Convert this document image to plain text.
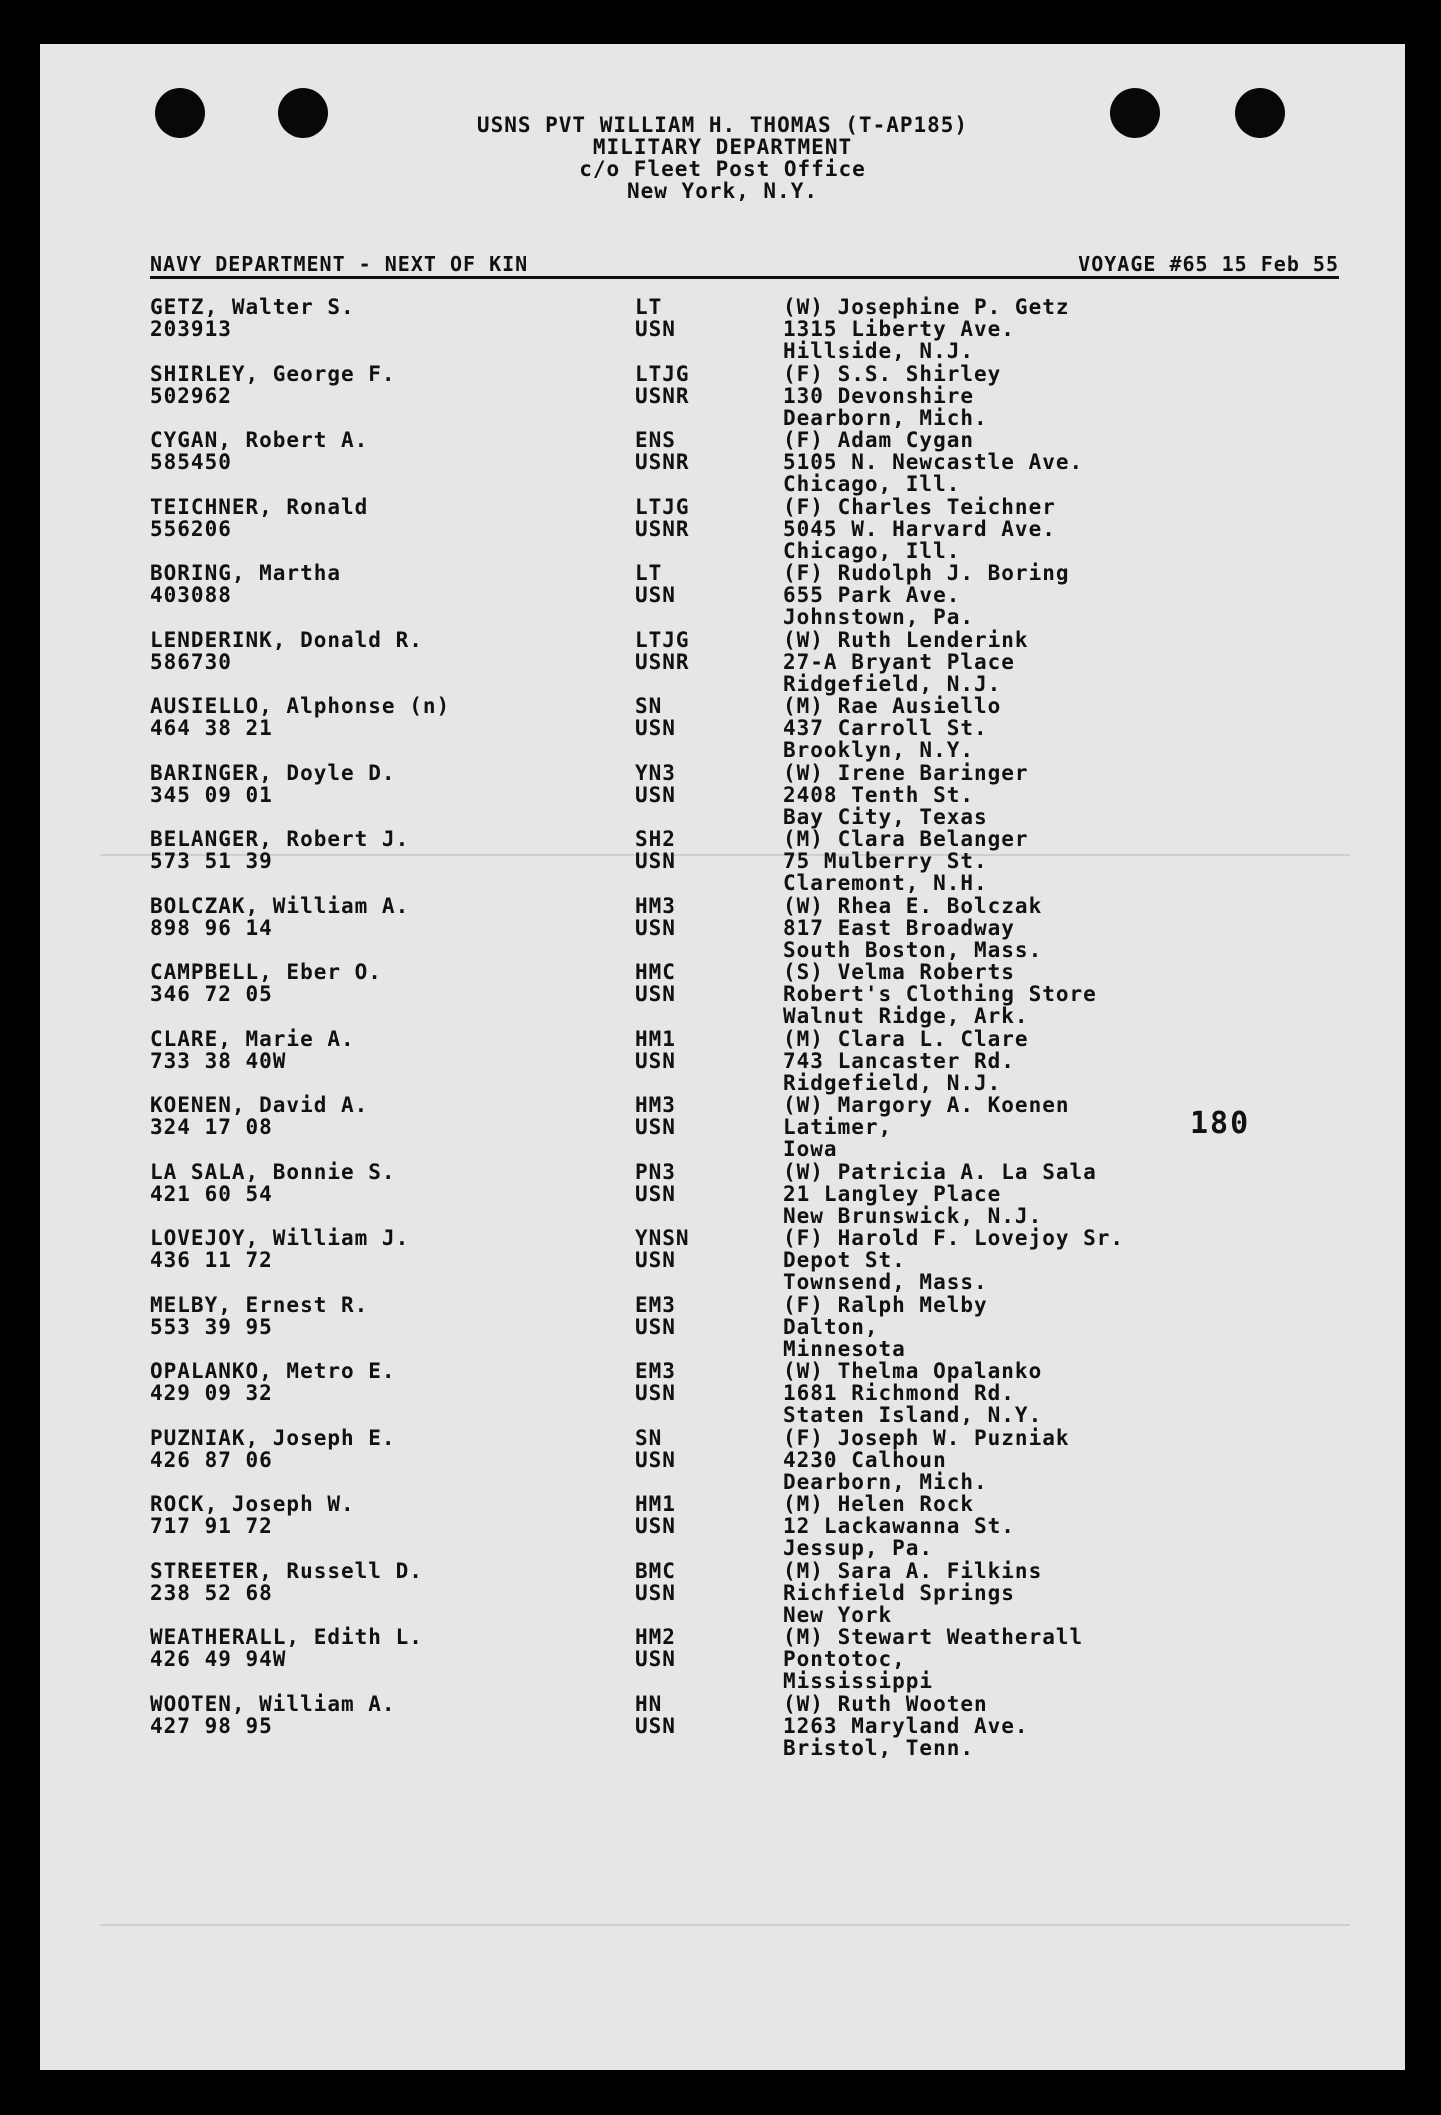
USNS PVT WILLIAM H. THOMAS (T-AP185)
MILITARY DEPARTMENT
c/o Fleet Post Office
New York, N.Y.
NAVY DEPARTMENT - NEXT OF KIN	VOYAGE #65 15 Feb 55
GETZ, Walter S.
203913
LT
USN
(W) Josephine P. Getz
1315 Liberty Ave.
Hillside, N.J.
SHIRLEY, George F.
502962
LTJG
USNR
(F) S.S. Shirley
130 Devonshire
Dearborn, Mich.
CYGAN, Robert A.
585450
ENS
USNR
(F) Adam Cygan
5105 N. Newcastle Ave.
Chicago, Ill.
TEICHNER, Ronald
556206
LTJG
USNR
(F) Charles Teichner
5045 W. Harvard Ave.
Chicago, Ill.
BORING, Martha
403088
LT
USN
(F) Rudolph J. Boring
655 Park Ave.
Johnstown, Pa.
LENDERINK, Donald R.
586730
LTJG
USNR
(W) Ruth Lenderink
27-A Bryant Place
Ridgefield, N.J.
AUSIELLO, Alphonse (n)
464 38 21
SN
USN
(M) Rae Ausiello
437 Carroll St.
Brooklyn, N.Y.
BARINGER, Doyle D.
345 09 01
YN3
USN
(W) Irene Baringer
2408 Tenth St.
Bay City, Texas
BELANGER, Robert J.
573 51 39
SH2
USN
(M) Clara Belanger
75 Mulberry St.
Claremont, N.H.
BOLCZAK, William A.
898 96 14
HM3
USN
(W) Rhea E. Bolczak
817 East Broadway
South Boston, Mass.
CAMPBELL, Eber O.
346 72 05
HMC
USN
(S) Velma Roberts
Robert's Clothing Store
Walnut Ridge, Ark.
CLARE, Marie A.
733 38 40W
HM1
USN
(M) Clara L. Clare
743 Lancaster Rd.
Ridgefield, N.J.
KOENEN, David A.
324 17 08
HM3
USN
(W) Margory A. Koenen
Latimer,
Iowa
LA SALA, Bonnie S.
421 60 54
PN3
USN
(W) Patricia A. La Sala
21 Langley Place
New Brunswick, N.J.
LOVEJOY, William J.
436 11 72
YNSN
USN
(F) Harold F. Lovejoy Sr.
Depot St.
Townsend, Mass.
MELBY, Ernest R.
553 39 95
EM3
USN
(F) Ralph Melby
Dalton,
Minnesota
OPALANKO, Metro E.
429 09 32
EM3
USN
(W) Thelma Opalanko
1681 Richmond Rd.
Staten Island, N.Y.
PUZNIAK, Joseph E.
426 87 06
SN
USN
(F) Joseph W. Puzniak
4230 Calhoun
Dearborn, Mich.
ROCK, Joseph W.
717 91 72
HM1
USN
(M) Helen Rock
12 Lackawanna St.
Jessup, Pa.
STREETER, Russell D.
238 52 68
BMC
USN
(M) Sara A. Filkins
Richfield Springs
New York
WEATHERALL, Edith L.
426 49 94W
HM2
USN
(M) Stewart Weatherall
Pontotoc,
Mississippi
WOOTEN, William A.
427 98 95
HN
USN
(W) Ruth Wooten
1263 Maryland Ave.
Bristol, Tenn.
180
